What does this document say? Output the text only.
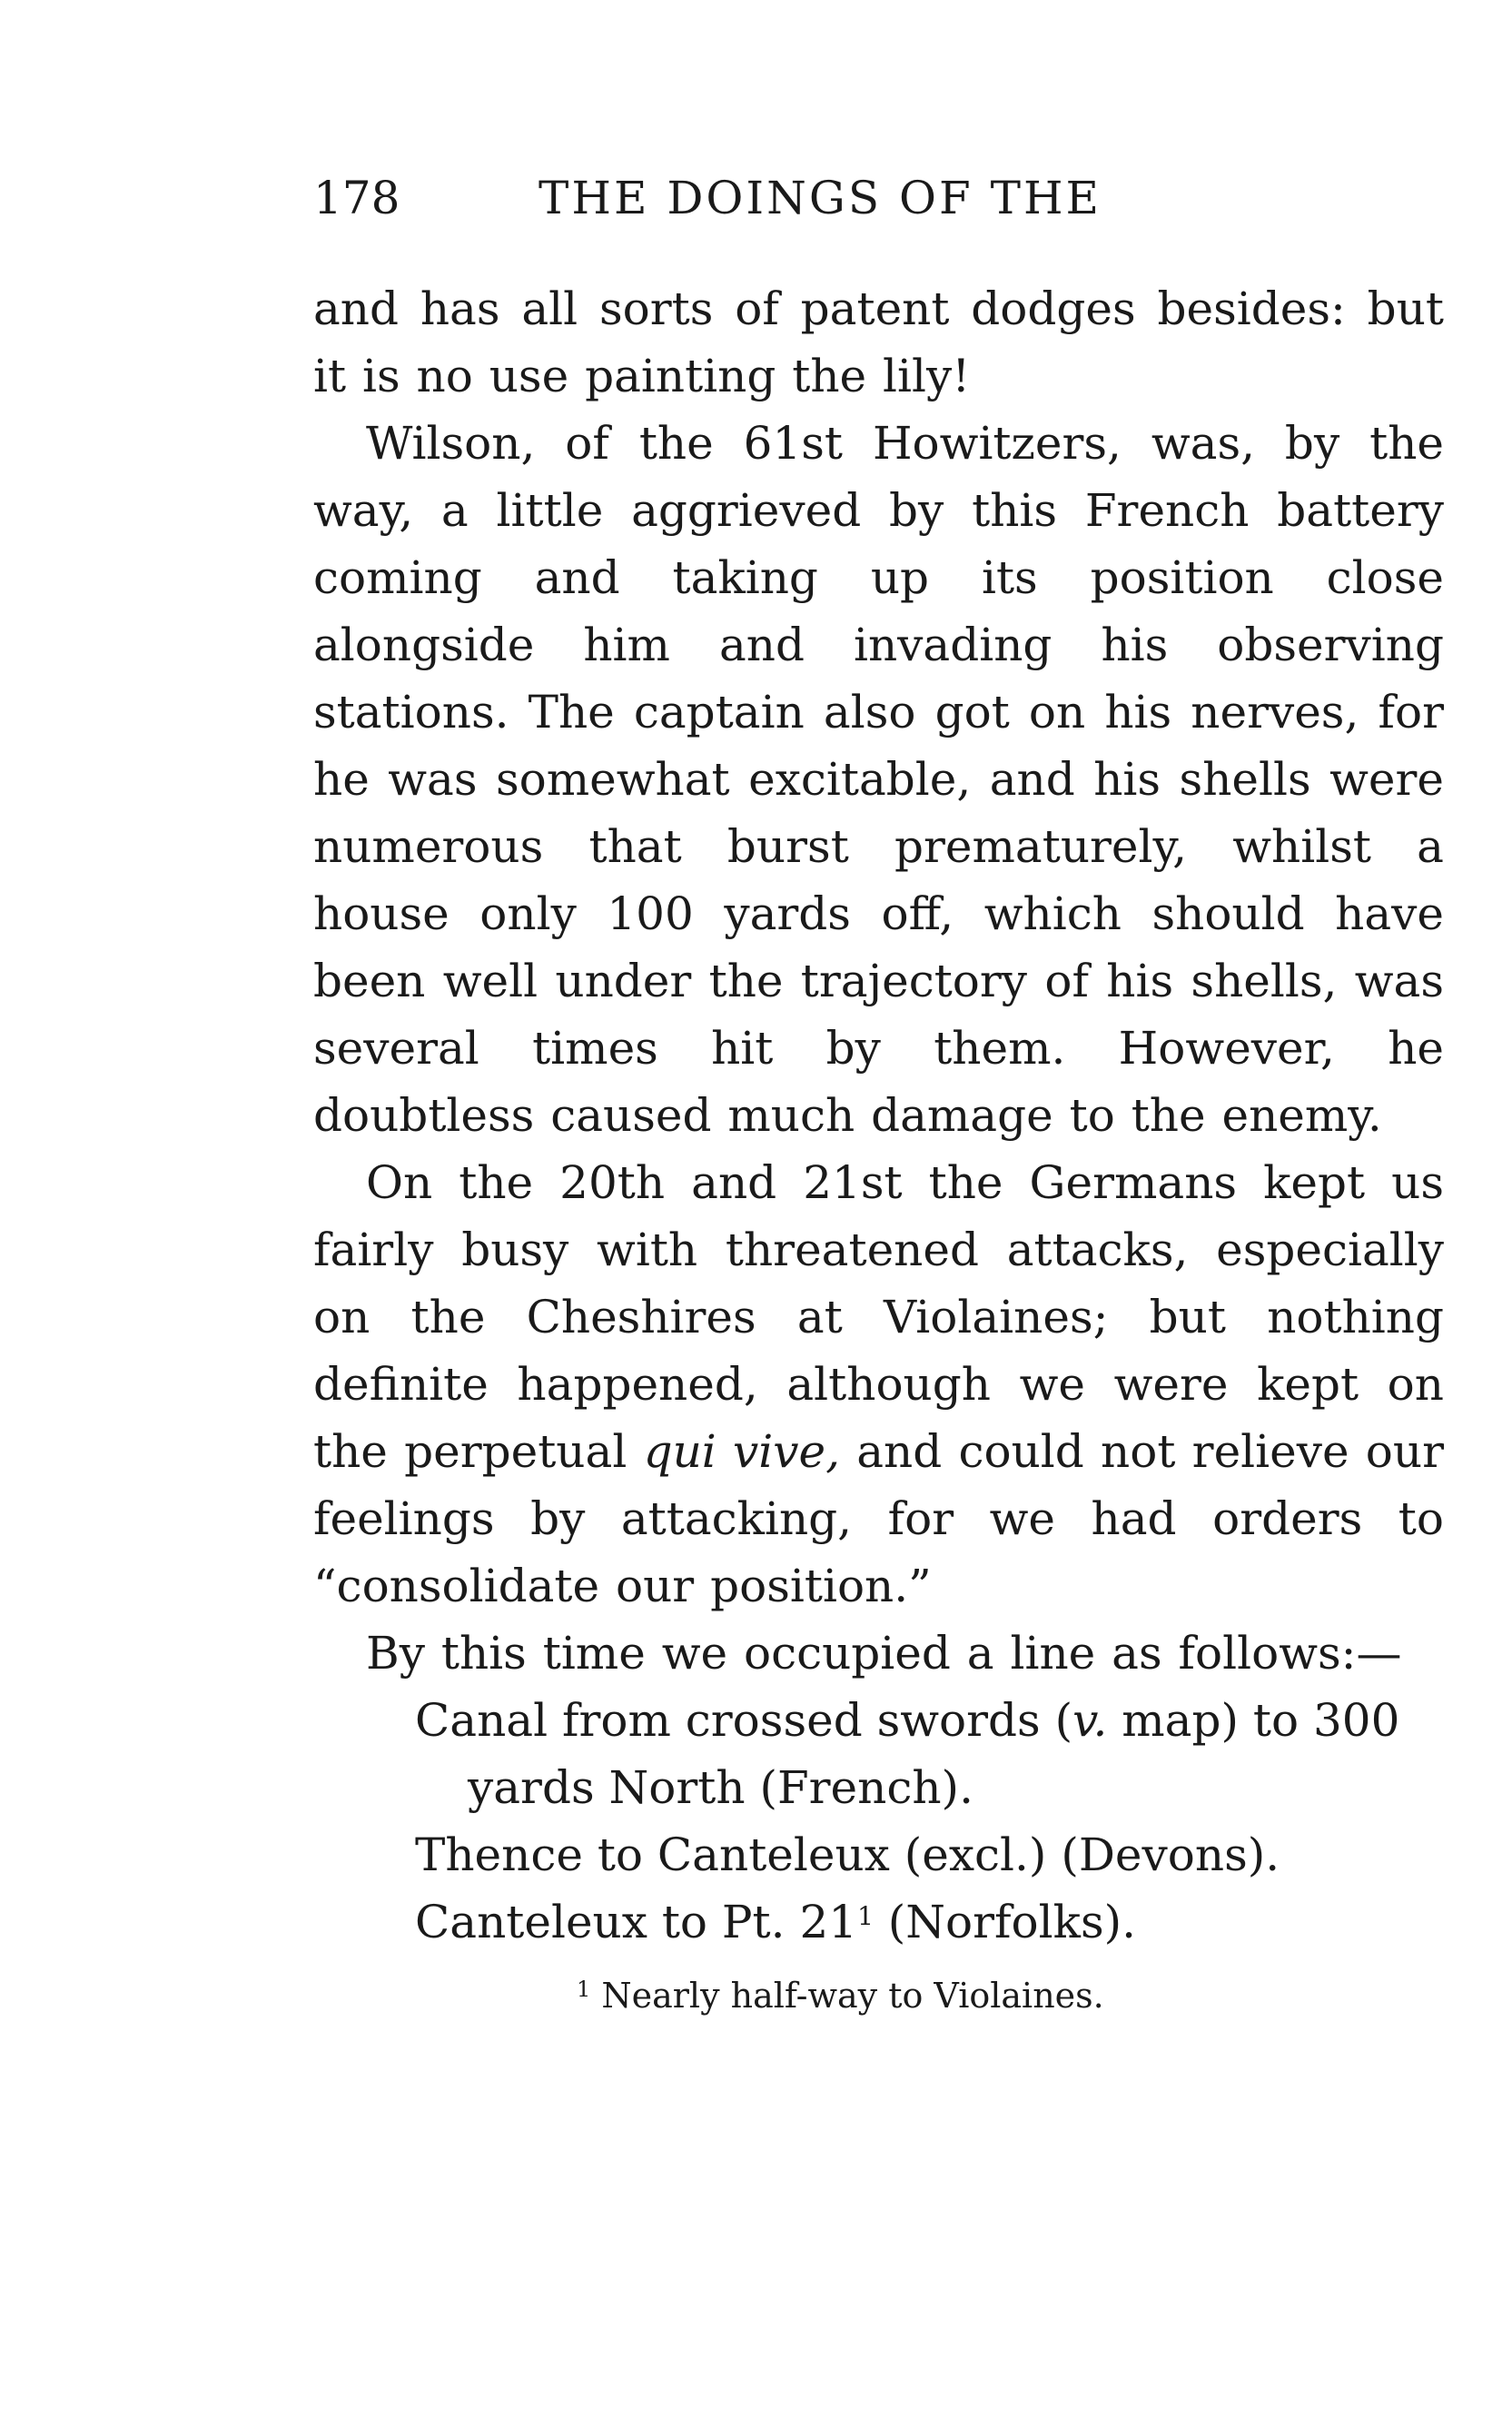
178	THE DOINGS OF THE

and has all sorts of patent dodges besides: but it is no use painting the lily!

Wilson, of the 61st Howitzers, was, by the way, a little aggrieved by this French battery coming and taking up its position close alongside him and invading his observing stations. The captain also got on his nerves, for he was somewhat excitable, and his shells were numerous that burst prematurely, whilst a house only 100 yards off, which should have been well under the trajectory of his shells, was several times hit by them. However, he doubtless caused much damage to the enemy.

On the 20th and 21st the Germans kept us fairly busy with threatened attacks, especially on the Cheshires at Violaines; but nothing definite happened, although we were kept on the perpetual qui vive, and could not relieve our feelings by attacking, for we had orders to “consolidate our position.”

By this time we occupied a line as follows:—

Canal from crossed swords (v. map) to 300 yards North (French).

Thence to Canteleux (excl.) (Devons).

Canteleux to Pt. $21^1$ (Norfolks).

$^1$ Nearly half-way to Violaines.
